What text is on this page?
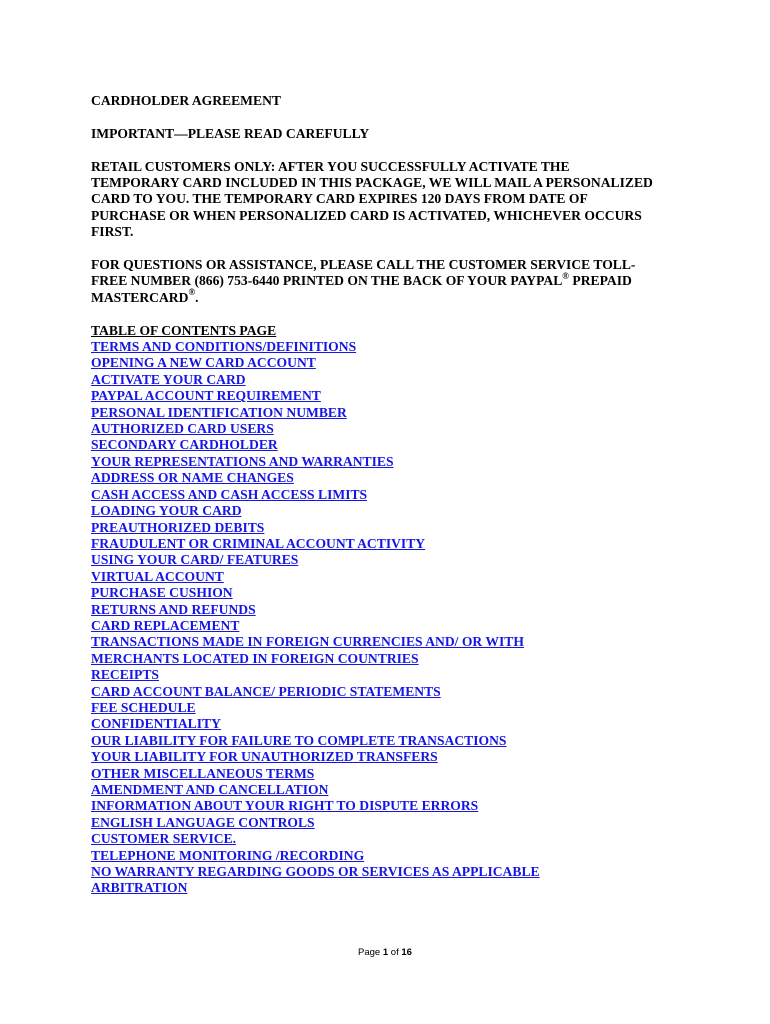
CARDHOLDER AGREEMENT

IMPORTANT—PLEASE READ CAREFULLY

RETAIL CUSTOMERS ONLY: AFTER YOU SUCCESSFULLY ACTIVATE THE

TEMPORARY CARD INCLUDED IN THIS PACKAGE, WE WILL MAIL A PERSONALIZED

CARD TO YOU. THE TEMPORARY CARD EXPIRES 120 DAYS FROM DATE OF

PURCHASE OR WHEN PERSONALIZED CARD IS ACTIVATED, WHICHEVER OCCURS

FIRST.

FOR QUESTIONS OR ASSISTANCE, PLEASE CALL THE CUSTOMER SERVICE TOLL-

FREE NUMBER (866) 753-6440 PRINTED ON THE BACK OF YOUR PAYPAL® PREPAID

MASTERCARD®.

TABLE OF CONTENTS PAGE
TERMS AND CONDITIONS/DEFINITIONS
OPENING A NEW CARD ACCOUNT
ACTIVATE YOUR CARD
PAYPAL ACCOUNT REQUIREMENT
PERSONAL IDENTIFICATION NUMBER
AUTHORIZED CARD USERS
SECONDARY CARDHOLDER
YOUR REPRESENTATIONS AND WARRANTIES
ADDRESS OR NAME CHANGES
CASH ACCESS AND CASH ACCESS LIMITS
LOADING YOUR CARD
PREAUTHORIZED DEBITS
FRAUDULENT OR CRIMINAL ACCOUNT ACTIVITY
USING YOUR CARD/ FEATURES
VIRTUAL ACCOUNT
PURCHASE CUSHION
RETURNS AND REFUNDS
CARD REPLACEMENT
TRANSACTIONS MADE IN FOREIGN CURRENCIES AND/ OR WITH
MERCHANTS LOCATED IN FOREIGN COUNTRIES
RECEIPTS
CARD ACCOUNT BALANCE/ PERIODIC STATEMENTS
FEE SCHEDULE
CONFIDENTIALITY
OUR LIABILITY FOR FAILURE TO COMPLETE TRANSACTIONS
YOUR LIABILITY FOR UNAUTHORIZED TRANSFERS
OTHER MISCELLANEOUS TERMS
AMENDMENT AND CANCELLATION
INFORMATION ABOUT YOUR RIGHT TO DISPUTE ERRORS
ENGLISH LANGUAGE CONTROLS
CUSTOMER SERVICE.
TELEPHONE MONITORING /RECORDING
NO WARRANTY REGARDING GOODS OR SERVICES AS APPLICABLE
ARBITRATION
Page 1 of 16
